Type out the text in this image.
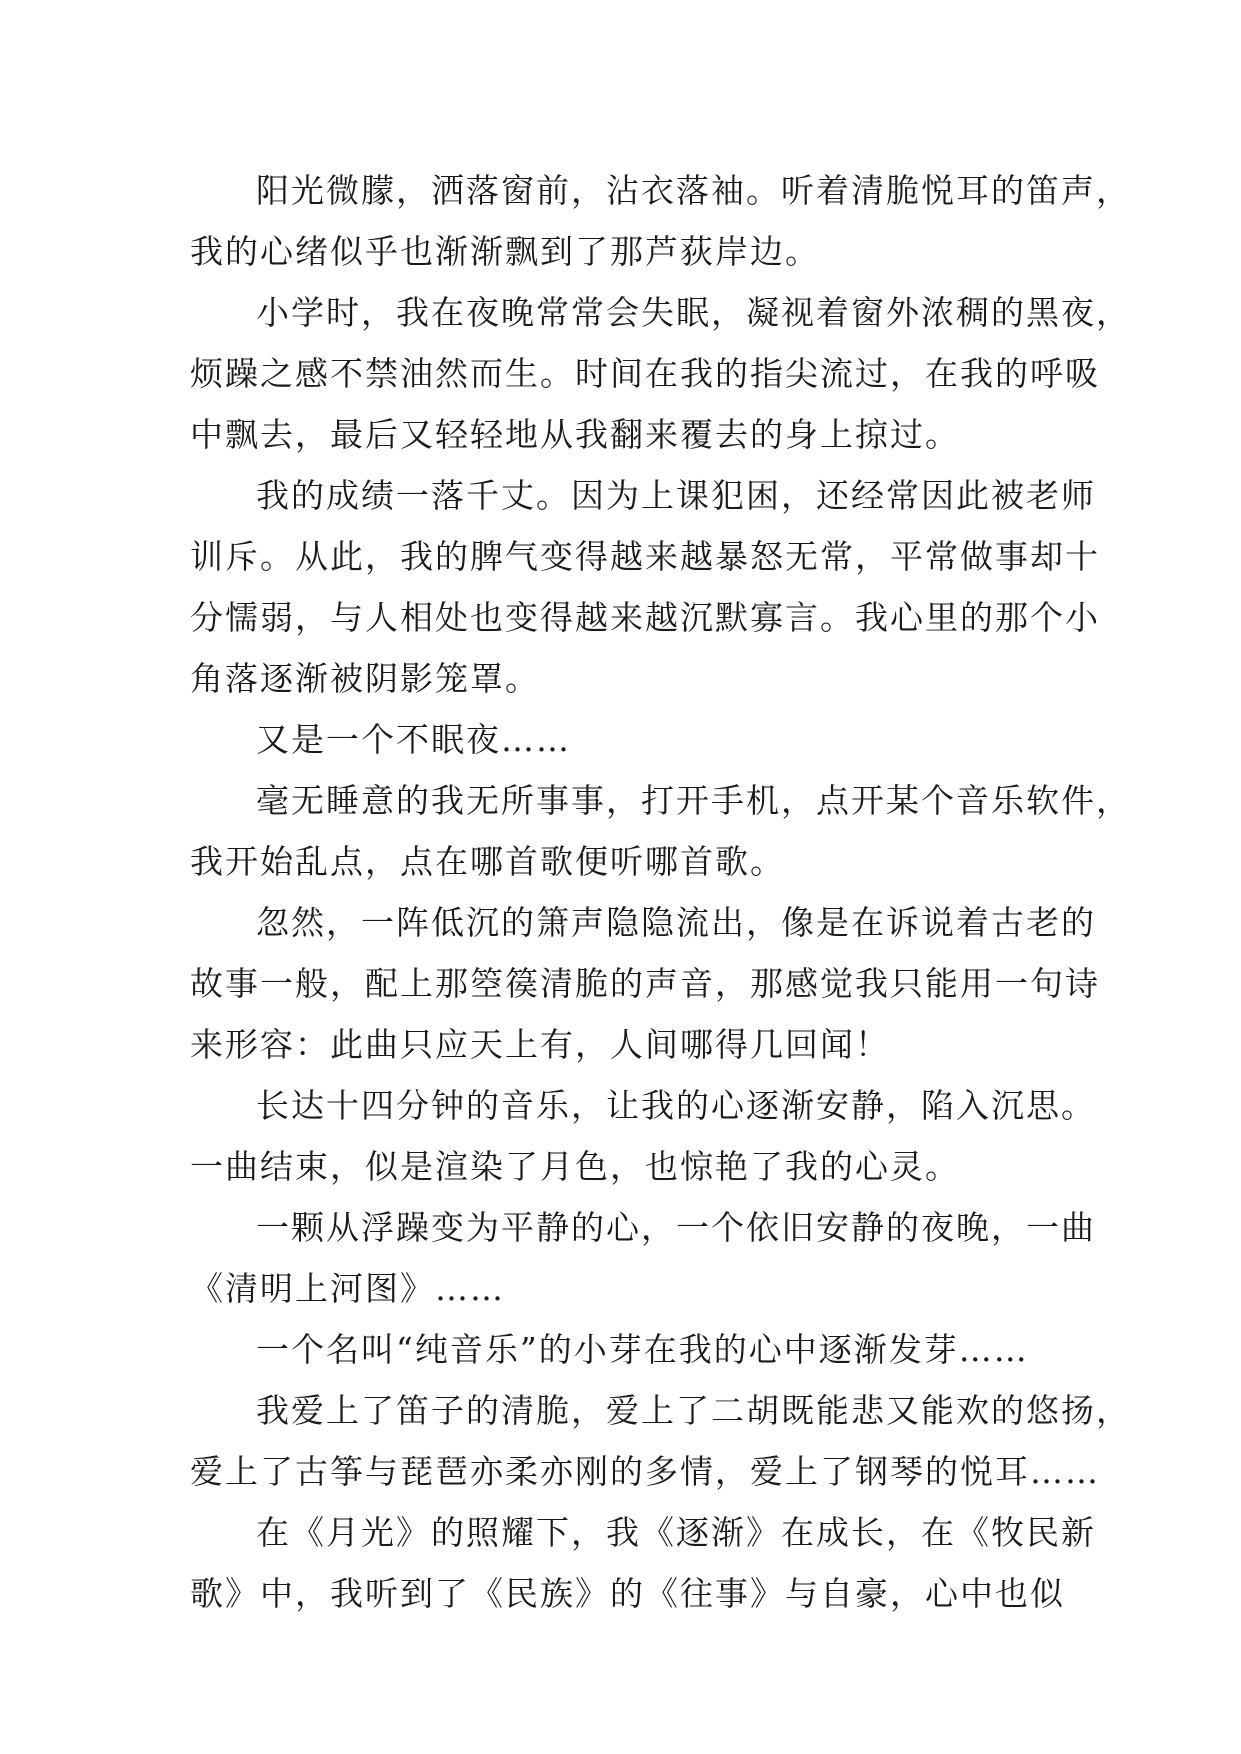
阳光微朦，洒落窗前，沾衣落袖。听着清脆悦耳的笛声，
我的心绪似乎也渐渐飘到了那芦荻岸边。
小学时，我在夜晚常常会失眠，凝视着窗外浓稠的黑夜，
烦躁之感不禁油然而生。时间在我的指尖流过，在我的呼吸
中飘去，最后又轻轻地从我翻来覆去的身上掠过。
我的成绩一落千丈。因为上课犯困，还经常因此被老师
训斥。从此，我的脾气变得越来越暴怒无常，平常做事却十
分懦弱，与人相处也变得越来越沉默寡言。我心里的那个小
角落逐渐被阴影笼罩。
又是一个不眠夜……
毫无睡意的我无所事事，打开手机，点开某个音乐软件，
我开始乱点，点在哪首歌便听哪首歌。
忽然，一阵低沉的箫声隐隐流出，像是在诉说着古老的
故事一般，配上那箜篌清脆的声音，那感觉我只能用一句诗
来形容：此曲只应天上有，人间哪得几回闻！
长达十四分钟的音乐，让我的心逐渐安静，陷入沉思。
一曲结束，似是渲染了月色，也惊艳了我的心灵。
一颗从浮躁变为平静的心，一个依旧安静的夜晚，一曲
《清明上河图》……
一个名叫“纯音乐”的小芽在我的心中逐渐发芽……
我爱上了笛子的清脆，爱上了二胡既能悲又能欢的悠扬，
爱上了古筝与琵琶亦柔亦刚的多情，爱上了钢琴的悦耳……
在《月光》的照耀下，我《逐渐》在成长，在《牧民新
歌》中，我听到了《民族》的《往事》与自豪，心中也似
